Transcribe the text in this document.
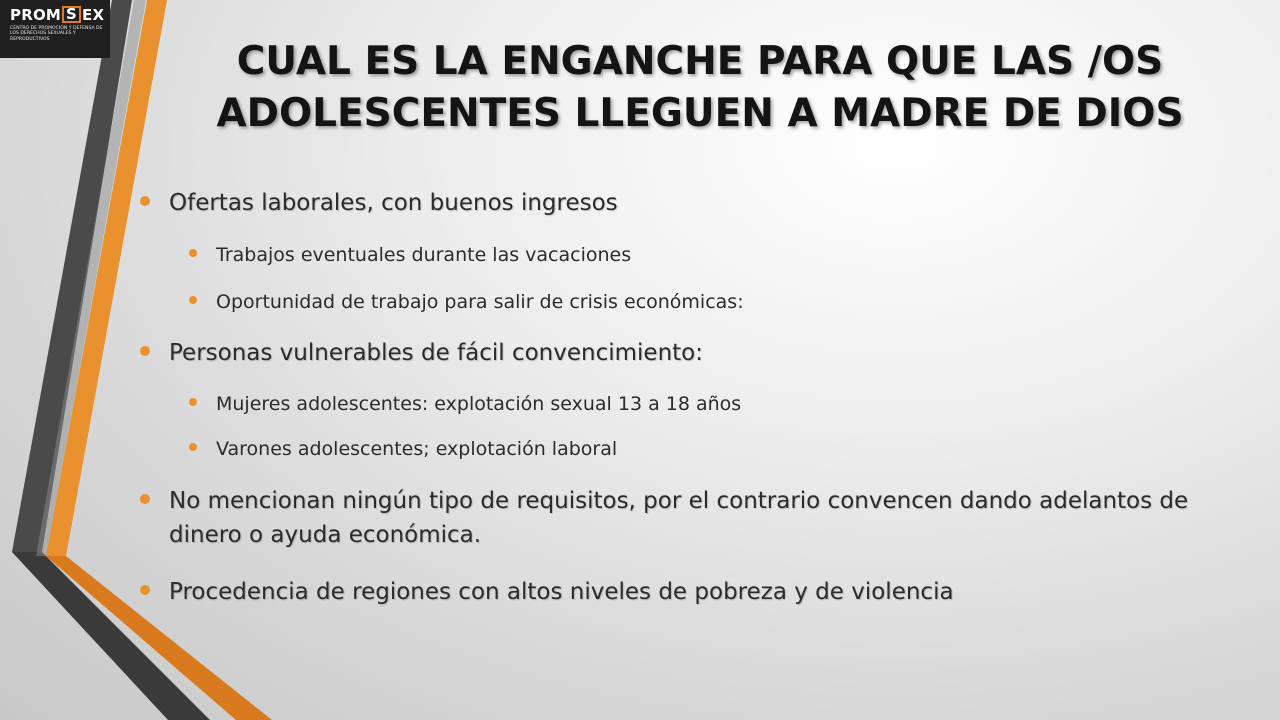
PROM S EX
CENTRO DE PROMOCIÓN Y DEFENSA DE LOS DERECHOS SEXUALES Y REPRODUCTIVOS	CUAL ES LA ENGANCHE PARA QUE LAS /OS
ADOLESCENTES LLEGUEN A MADRE DE DIOS
Ofertas laborales, con buenos ingresos
Trabajos eventuales durante las vacaciones
Oportunidad de trabajo para salir de crisis económicas:
Personas vulnerables de fácil convencimiento:
Mujeres adolescentes: explotación sexual 13 a 18 años
Varones adolescentes; explotación laboral
No mencionan ningún tipo de requisitos, por el contrario convencen dando adelantos de dinero o ayuda económica.
Procedencia de regiones con altos niveles de pobreza y de violencia
